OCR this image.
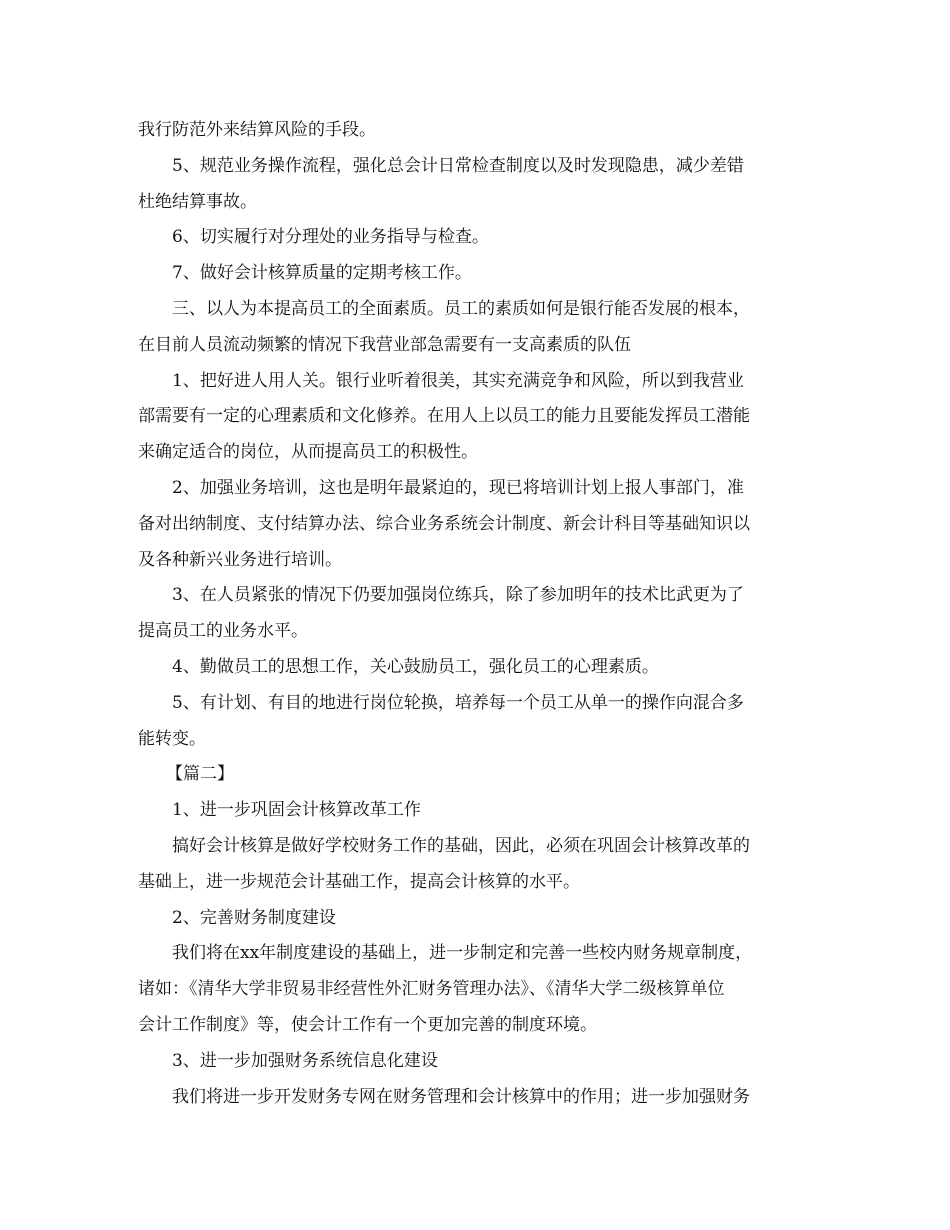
我行防范外来结算风险的手段。
5、规范业务操作流程，强化总会计日常检查制度以及时发现隐患，减少差错
杜绝结算事故。
6、切实履行对分理处的业务指导与检查。
7、做好会计核算质量的定期考核工作。
三、以人为本提高员工的全面素质。员工的素质如何是银行能否发展的根本，
在目前人员流动频繁的情况下我营业部急需要有一支高素质的队伍
1、把好进人用人关。银行业听着很美，其实充满竞争和风险，所以到我营业
部需要有一定的心理素质和文化修养。在用人上以员工的能力且要能发挥员工潜能
来确定适合的岗位，从而提高员工的积极性。
2、加强业务培训，这也是明年最紧迫的，现已将培训计划上报人事部门，准
备对出纳制度、支付结算办法、综合业务系统会计制度、新会计科目等基础知识以
及各种新兴业务进行培训。
3、在人员紧张的情况下仍要加强岗位练兵，除了参加明年的技术比武更为了
提高员工的业务水平。
4、勤做员工的思想工作，关心鼓励员工，强化员工的心理素质。
5、有计划、有目的地进行岗位轮换，培养每一个员工从单一的操作向混合多
能转变。
【篇二】
1、进一步巩固会计核算改革工作
搞好会计核算是做好学校财务工作的基础，因此，必须在巩固会计核算改革的
基础上，进一步规范会计基础工作，提高会计核算的水平。
2、完善财务制度建设
我们将在xx年制度建设的基础上，进一步制定和完善一些校内财务规章制度，
诸如：《清华大学非贸易非经营性外汇财务管理办法》、《清华大学二级核算单位
会计工作制度》等，使会计工作有一个更加完善的制度环境。
3、进一步加强财务系统信息化建设
我们将进一步开发财务专网在财务管理和会计核算中的作用；进一步加强财务
